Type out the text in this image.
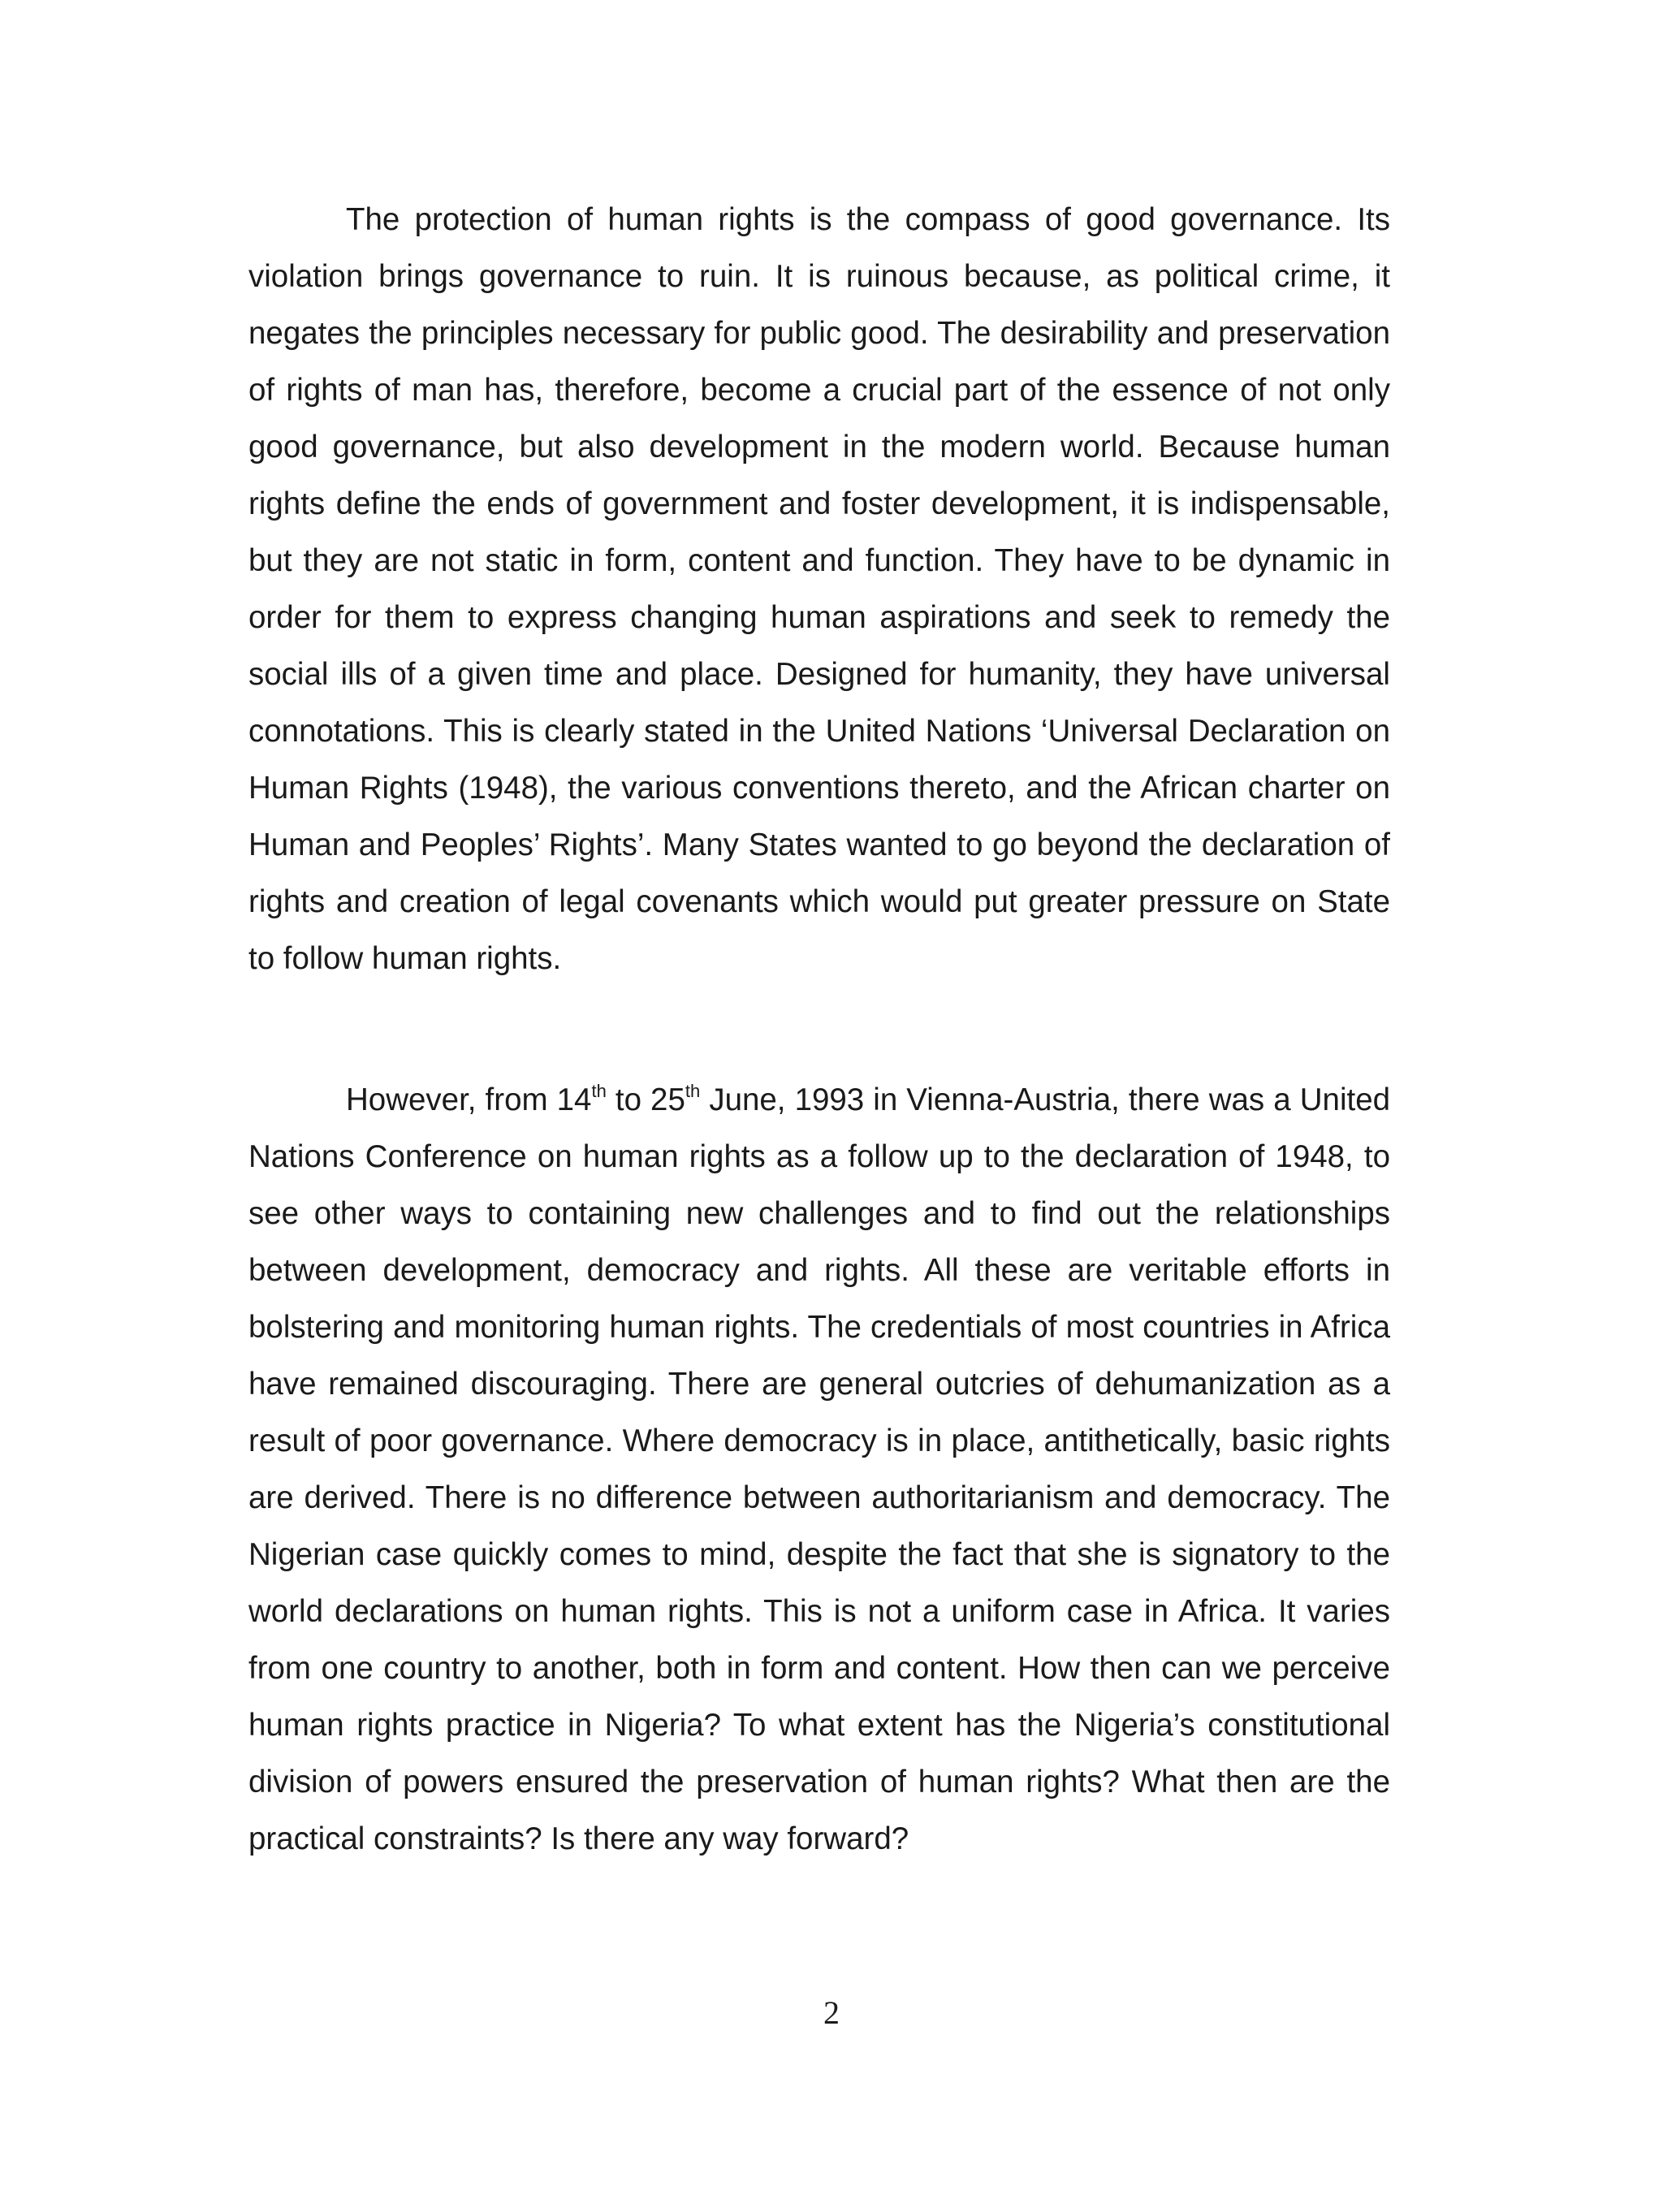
The protection of human rights is the compass of good governance. Its violation brings governance to ruin. It is ruinous because, as political crime, it negates the principles necessary for public good. The desirability and preservation of rights of man has, therefore, become a crucial part of the essence of not only good governance, but also development in the modern world. Because human rights define the ends of government and foster development, it is indispensable, but they are not static in form, content and function. They have to be dynamic in order for them to express changing human aspirations and seek to remedy the social ills of a given time and place. Designed for humanity, they have universal connotations. This is clearly stated in the United Nations ‘Universal Declaration on Human Rights (1948), the various conventions thereto, and the African charter on Human and Peoples’ Rights’. Many States wanted to go beyond the declaration of rights and creation of legal covenants which would put greater pressure on State to follow human rights.

However, from 14th to 25th June, 1993 in Vienna-Austria, there was a United Nations Conference on human rights as a follow up to the declaration of 1948, to see other ways to containing new challenges and to find out the relationships between development, democracy and rights. All these are veritable efforts in bolstering and monitoring human rights. The credentials of most countries in Africa have remained discouraging. There are general outcries of dehumanization as a result of poor governance. Where democracy is in place, antithetically, basic rights are derived. There is no difference between authoritarianism and democracy. The Nigerian case quickly comes to mind, despite the fact that she is signatory to the world declarations on human rights. This is not a uniform case in Africa. It varies from one country to another, both in form and content. How then can we perceive human rights practice in Nigeria? To what extent has the Nigeria’s constitutional division of powers ensured the preservation of human rights? What then are the practical constraints? Is there any way forward?

2
